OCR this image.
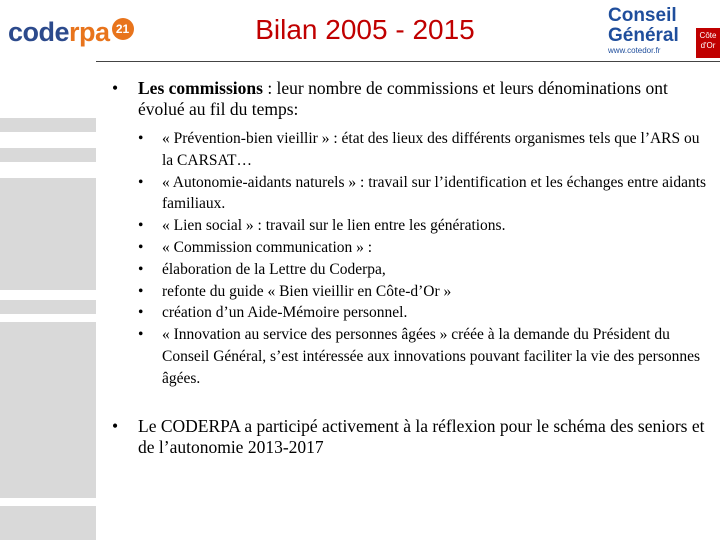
coderpa 21	Bilan 2005 - 2015	Conseil
Général
www.cotedor.fr
Côte
d'Or
•	Les commissions : leur nombre de commissions et leurs dénominations ont évolué au fil du temps:
•	« Prévention-bien vieillir » : état des lieux des différents organismes tels que l’ARS ou la CARSAT…
•	« Autonomie-aidants naturels » : travail sur l’identification et les échanges entre aidants familiaux.
•	« Lien social » : travail sur le lien entre les générations.
•	« Commission communication » :
•	élaboration de la Lettre du Coderpa,
•	refonte du guide « Bien vieillir en Côte-d’Or »
•	création d’un Aide-Mémoire personnel.
•	« Innovation au service des personnes âgées » créée à la demande du Président du Conseil Général, s’est intéressée aux innovations pouvant faciliter la vie des personnes âgées.
•	Le CODERPA a participé activement à la réflexion pour le schéma des seniors et de l’autonomie 2013-2017
